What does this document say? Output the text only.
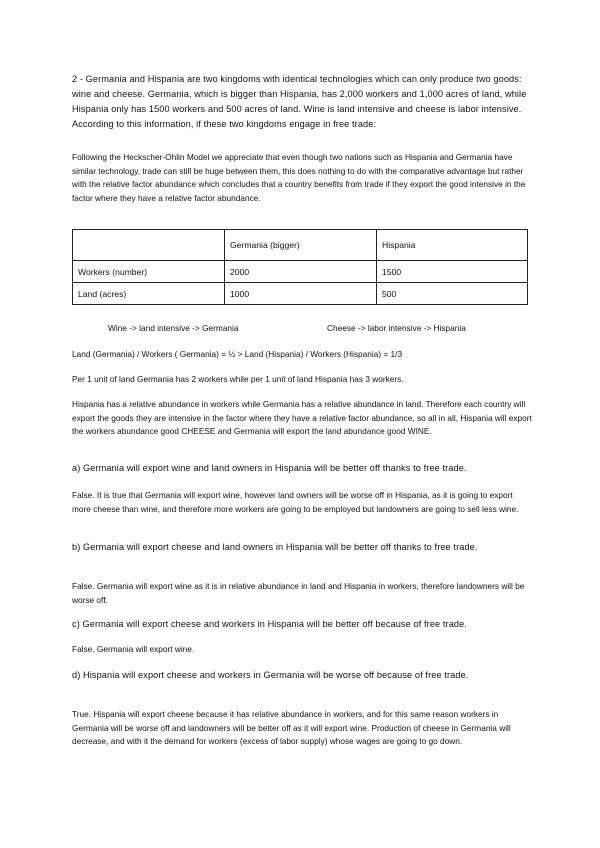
2 - Germania and Hispania are two kingdoms with identical technologies which can only produce two goods: wine and cheese. Germania, which is bigger than Hispania, has 2,000 workers and 1,000 acres of land, while Hispania only has 1500 workers and 500 acres of land. Wine is land intensive and cheese is labor intensive. According to this information, if these two kingdoms engage in free trade:

Following the Heckscher-Ohlin Model we appreciate that even though two nations such as Hispania and Germania have similar technology, trade can still be huge between them, this does nothing to do with the comparative advantage but rather with the relative factor abundance which concludes that a country benefits from trade if they export the good intensive in the factor where they have a relative factor abundance.

	Germania (bigger)	Hispania
Workers (number)	2000	1500
Land (acres)	1000	500
Wine -> land intensive -> Germania	Cheese -> labor intensive -> Hispania

Land (Germania) / Workers ( Germania) = ½ > Land (Hispania) / Workers (Hispania) = 1/3

Per 1 unit of land Germania has 2 workers while per 1 unit of land Hispania has 3 workers.

Hispania has a relative abundance in workers while Germania has a relative abundance in land. Therefore each country will export the goods they are intensive in the factor where they have a relative factor abundance, so all in all, Hispania will export the workers abundance good CHEESE and Germania will export the land abundance good WINE.

a) Germania will export wine and land owners in Hispania will be better off thanks to free trade.

False. It is true that Germania will export wine, however land owners will be worse off in Hispania, as it is going to export more cheese than wine, and therefore more workers are going to be employed but landowners are going to sell less wine.

b) Germania will export cheese and land owners in Hispania will be better off thanks to free trade.

False. Germania will export wine as it is in relative abundance in land and Hispania in workers, therefore landowners will be worse off.

c) Germania will export cheese and workers in Hispania will be better off because of free trade.

False. Germania will export wine.

d) Hispania will export cheese and workers in Germania will be worse off because of free trade.

True. Hispania will export cheese because it has relative abundance in workers, and for this same reason workers in Germania will be worse off and landowners will be better off as it will export wine. Production of cheese in Germania will decrease, and with it the demand for workers (excess of labor supply) whose wages are going to go down.
